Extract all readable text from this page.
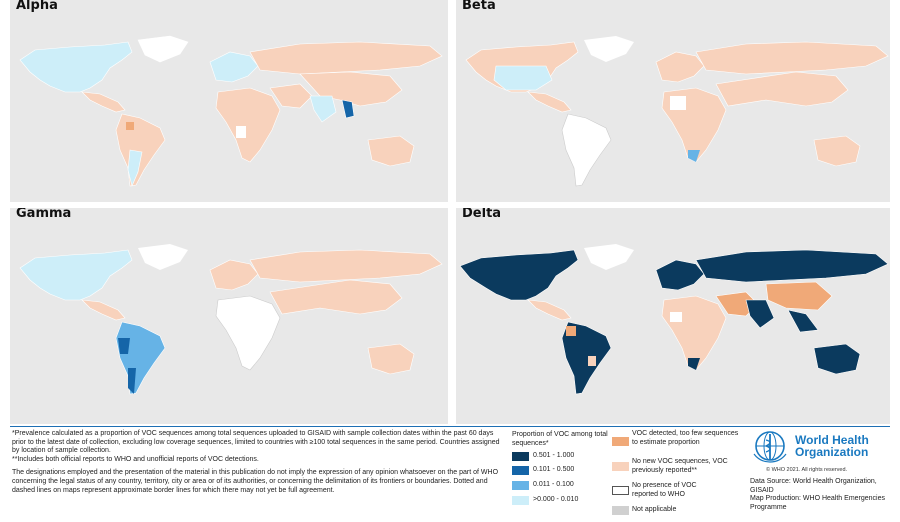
Alpha	Beta
Gamma	Delta

*Prevalence calculated as a proportion of VOC sequences among total sequences uploaded to GISAID with sample collection dates within the past 60 days prior to the latest date of collection, excluding low coverage sequences, limited to countries with ≥100 total sequences in the same period. Countries assigned by location of sample collection.

**Includes both official reports to WHO and unofficial reports of VOC detections.

The designations employed and the presentation of the material in this publication do not imply the expression of any opinion whatsoever on the part of WHO concerning the legal status of any country, territory, city or area or of its authorities, or concerning the delimitation of its frontiers or boundaries. Dotted and dashed lines on maps represent approximate border lines for which there may not yet be full agreement.

Proportion of VOC among total sequences*
0.501 - 1.000
0.101 - 0.500
0.011 - 0.100
>0.000 - 0.010
VOC detected, too few sequences to estimate proportion
No new VOC sequences, VOC previously reported**
No presence of VOC reported to WHO
Not applicable
World Health
Organization
© WHO 2021. All rights reserved.
Data Source: World Health Organization, GISAID
Map Production: WHO Health Emergencies Programme
